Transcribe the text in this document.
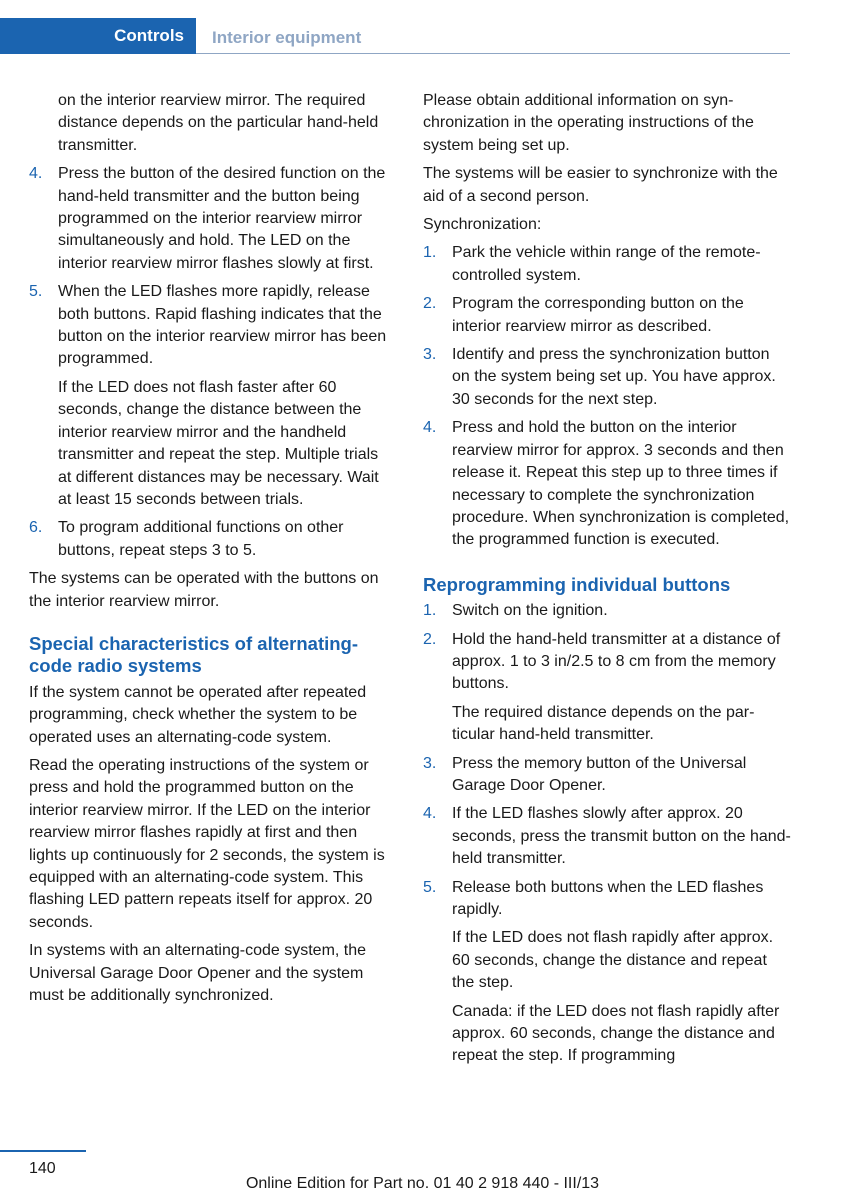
Controls Interior equipment

on the interior rearview mirror. The required distance depends on the particular hand-held transmitter.

4. Press the button of the desired function on the hand-held transmitter and the button being programmed on the interior rearview mirror simultaneously and hold. The LED on the interior rearview mirror flashes slowly at first.
5. When the LED flashes more rapidly, release both buttons. Rapid flashing indicates that the button on the interior rearview mirror has been programmed.

If the LED does not flash faster after 60 seconds, change the distance between the interior rearview mirror and the handheld transmitter and repeat the step. Multiple trials at different distances may be necessary. Wait at least 15 seconds between trials.

6. To program additional functions on other buttons, repeat steps 3 to 5.

The systems can be operated with the buttons on the interior rearview mirror.

Special characteristics of alternating-code radio systems

If the system cannot be operated after repeated programming, check whether the system to be operated uses an alternating-code system.

Read the operating instructions of the system or press and hold the programmed button on the interior rearview mirror. If the LED on the interior rearview mirror flashes rapidly at first and then lights up continuously for 2 seconds, the system is equipped with an alternating-code system. This flashing LED pattern repeats itself for approx. 20 seconds.

In systems with an alternating-code system, the Universal Garage Door Opener and the system must be additionally synchronized.

Please obtain additional information on synchronization in the operating instructions of the system being set up.

The systems will be easier to synchronize with the aid of a second person.

Synchronization:

1. Park the vehicle within range of the remote-controlled system.
2. Program the corresponding button on the interior rearview mirror as described.
3. Identify and press the synchronization button on the system being set up. You have approx. 30 seconds for the next step.
4. Press and hold the button on the interior rearview mirror for approx. 3 seconds and then release it. Repeat this step up to three times if necessary to complete the synchronization procedure. When synchronization is completed, the programmed function is executed.
Reprogramming individual buttons
1. Switch on the ignition.
2. Hold the hand-held transmitter at a distance of approx. 1 to 3 in/2.5 to 8 cm from the memory buttons.

The required distance depends on the particular hand-held transmitter.

3. Press the memory button of the Universal Garage Door Opener.
4. If the LED flashes slowly after approx. 20 seconds, press the transmit button on the hand-held transmitter.
5. Release both buttons when the LED flashes rapidly.

If the LED does not flash rapidly after approx. 60 seconds, change the distance and repeat the step.

Canada: if the LED does not flash rapidly after approx. 60 seconds, change the distance and repeat the step. If programming

140
Online Edition for Part no. 01 40 2 918 440 - III/13
